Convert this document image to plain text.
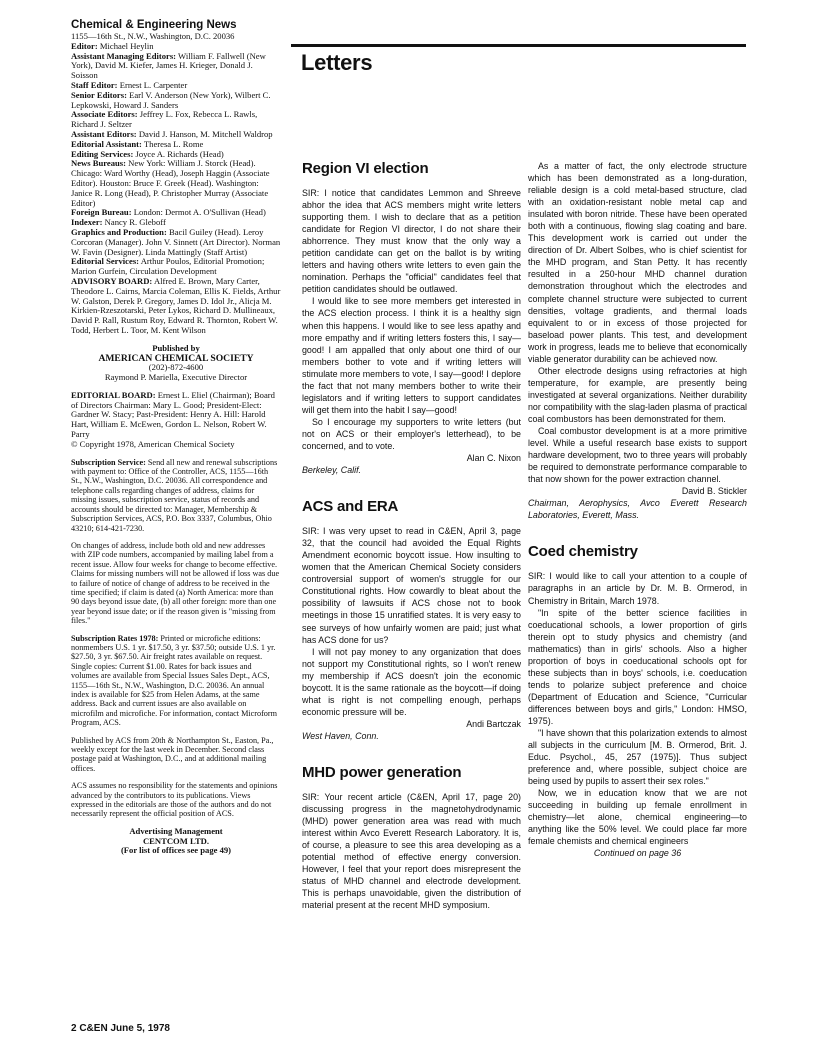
Chemical & Engineering News

1155—16th St., N.W., Washington, D.C. 20036

Editor: Michael Heylin

Assistant Managing Editors: William F. Fallwell (New York), David M. Kiefer, James H. Krieger, Donald J. Soisson

Staff Editor: Ernest L. Carpenter

Senior Editors: Earl V. Anderson (New York), Wilbert C. Lepkowski, Howard J. Sanders

Associate Editors: Jeffrey L. Fox, Rebecca L. Rawls, Richard J. Seltzer

Assistant Editors: David J. Hanson, M. Mitchell Waldrop

Editorial Assistant: Theresa L. Rome

Editing Services: Joyce A. Richards (Head)

News Bureaus: New York: William J. Storck (Head). Chicago: Ward Worthy (Head), Joseph Haggin (Associate Editor). Houston: Bruce F. Greek (Head). Washington: Janice R. Long (Head), P. Christopher Murray (Associate Editor)

Foreign Bureau: London: Dermot A. O'Sullivan (Head)

Indexer: Nancy R. Gleboff

Graphics and Production: Bacil Guiley (Head). Leroy Corcoran (Manager). John V. Sinnett (Art Director). Norman W. Favin (Designer). Linda Mattingly (Staff Artist)

Editorial Services: Arthur Poulos, Editorial Promotion; Marion Gurfein, Circulation Development

ADVISORY BOARD: Alfred E. Brown, Mary Carter, Theodore L. Cairns, Marcia Coleman, Ellis K. Fields, Arthur W. Galston, Derek P. Gregory, James D. Idol Jr., Alicja M. Kirkien-Rzeszotarski, Peter Lykos, Richard D. Mullineaux, David P. Rall, Rustum Roy, Edward R. Thornton, Robert W. Todd, Herbert L. Toor, M. Kent Wilson

Published by

AMERICAN CHEMICAL SOCIETY

(202)-872-4600

Raymond P. Mariella, Executive Director

EDITORIAL BOARD: Ernest L. Eliel (Chairman); Board of Directors Chairman: Mary L. Good; President-Elect: Gardner W. Stacy; Past-President: Henry A. Hill: Harold Hart, William E. McEwen, Gordon L. Nelson, Robert W. Parry

© Copyright 1978, American Chemical Society

Subscription Service: Send all new and renewal subscriptions with payment to: Office of the Controller, ACS, 1155—16th St., N.W., Washington, D.C. 20036. All correspondence and telephone calls regarding changes of address, claims for missing issues, subscription service, status of records and accounts should be directed to: Manager, Membership & Subscription Services, ACS, P.O. Box 3337, Columbus, Ohio 43210; 614-421-7230.

On changes of address, include both old and new addresses with ZIP code numbers, accompanied by mailing label from a recent issue. Allow four weeks for change to become effective. Claims for missing numbers will not be allowed if loss was due to failure of notice of change of address to be received in the time specified; if claim is dated (a) North America: more than 90 days beyond issue date, (b) all other foreign: more than one year beyond issue date; or if the reason given is "missing from files."

Subscription Rates 1978: Printed or microfiche editions: nonmembers U.S. 1 yr. $17.50, 3 yr. $37.50; outside U.S. 1 yr. $27.50, 3 yr. $67.50. Air freight rates available on request. Single copies: Current $1.00. Rates for back issues and volumes are available from Special Issues Sales Dept., ACS, 1155—16th St., N.W., Washington, D.C. 20036. An annual index is available for $25 from Helen Adams, at the same address. Back and current issues are also available on microfilm and microfiche. For information, contact Microform Program, ACS.

Published by ACS from 20th & Northampton St., Easton, Pa., weekly except for the last week in December. Second class postage paid at Washington, D.C., and at additional mailing offices.

ACS assumes no responsibility for the statements and opinions advanced by the contributors to its publications. Views expressed in the editorials are those of the authors and do not necessarily represent the official position of ACS.

Advertising Management

CENTCOM LTD.

(For list of offices see page 49)

Letters
Region VI election

SIR: I notice that candidates Lemmon and Shreeve abhor the idea that ACS members might write letters supporting them. I wish to declare that as a petition candidate for Region VI director, I do not share their abhorrence. They must know that the only way a petition candidate can get on the ballot is by writing letters and having others write letters to even gain the nomination. Perhaps the "official" candidates feel that petition candidates should be outlawed.

I would like to see more members get interested in the ACS election process. I think it is a healthy sign when this happens. I would like to see less apathy and more empathy and if writing letters fosters this, I say—good! I am appalled that only about one third of our members bother to vote and if writing letters will stimulate more members to vote, I say—good! I deplore the fact that not many members bother to write their legislators and if writing letters to support candidates will get them into the habit I say—good!

So I encourage my supporters to write letters (but not on ACS or their employer's letterhead), to be concerned, and to vote.

Alan C. Nixon

Berkeley, Calif.

ACS and ERA

SIR: I was very upset to read in C&EN, April 3, page 32, that the council had avoided the Equal Rights Amendment economic boycott issue. How insulting to women that the American Chemical Society considers controversial support of women's struggle for our Constitutional rights. How cowardly to bleat about the possibility of lawsuits if ACS chose not to book meetings in those 15 unratified states. It is very easy to see surveys of how unfairly women are paid; just what has ACS done for us?

I will not pay money to any organization that does not support my Constitutional rights, so I won't renew my membership if ACS doesn't join the economic boycott. It is the same rationale as the boycott—if doing what is right is not compelling enough, perhaps economic pressure will be.

Andi Bartczak

West Haven, Conn.

MHD power generation

SIR: Your recent article (C&EN, April 17, page 20) discussing progress in the magnetohydrodynamic (MHD) power generation area was read with much interest within Avco Everett Research Laboratory. It is, of course, a pleasure to see this area developing as a potential method of effective energy conversion. However, I feel that your report does misrepresent the status of MHD channel and electrode development. This is perhaps unavoidable, given the distribution of material present at the recent MHD symposium.

As a matter of fact, the only electrode structure which has been demonstrated as a long-duration, reliable design is a cold metal-based structure, clad with an oxidation-resistant noble metal cap and insulated with boron nitride. These have been operated both with a continuous, flowing slag coating and bare. This development work is carried out under the direction of Dr. Albert Solbes, who is chief scientist for the MHD program, and Stan Petty. It has recently resulted in a 250-hour MHD channel duration demonstration throughout which the electrodes and complete channel structure were subjected to current densities, voltage gradients, and thermal loads equivalent to or in excess of those projected for baseload power plants. This test, and development work in progress, leads me to believe that economically viable generator durability can be achieved now.

Other electrode designs using refractories at high temperature, for example, are presently being investigated at several organizations. Neither durability nor compatibility with the slag-laden plasma of practical coal combustors has been demonstrated for them.

Coal combustor development is at a more primitive level. While a useful research base exists to support hardware development, two to three years will probably be required to demonstrate performance comparable to that now shown for the power extraction channel.

David B. Stickler

Chairman, Aerophysics, Avco Everett Research Laboratories, Everett, Mass.

Coed chemistry

SIR: I would like to call your attention to a couple of paragraphs in an article by Dr. M. B. Ormerod, in Chemistry in Britain, March 1978.

"In spite of the better science facilities in coeducational schools, a lower proportion of girls therein opt to study physics and chemistry (and mathematics) than in girls' schools. Also a higher proportion of boys in coeducational schools opt for these subjects than in boys' schools, i.e. coeducation tends to polarize subject preference and choice (Department of Education and Science, "Curricular differences between boys and girls," London: HMSO, 1975).

"I have shown that this polarization extends to almost all subjects in the curriculum [M. B. Ormerod, Brit. J. Educ. Psychol., 45, 257 (1975)]. Thus subject preference and, where possible, subject choice are being used by pupils to assert their sex roles."

Now, we in education know that we are not succeeding in building up female enrollment in chemistry—let alone, chemical engineering—to anything like the 50% level. We could place far more female chemists and chemical engineers

Continued on page 36

2 C&EN June 5, 1978
